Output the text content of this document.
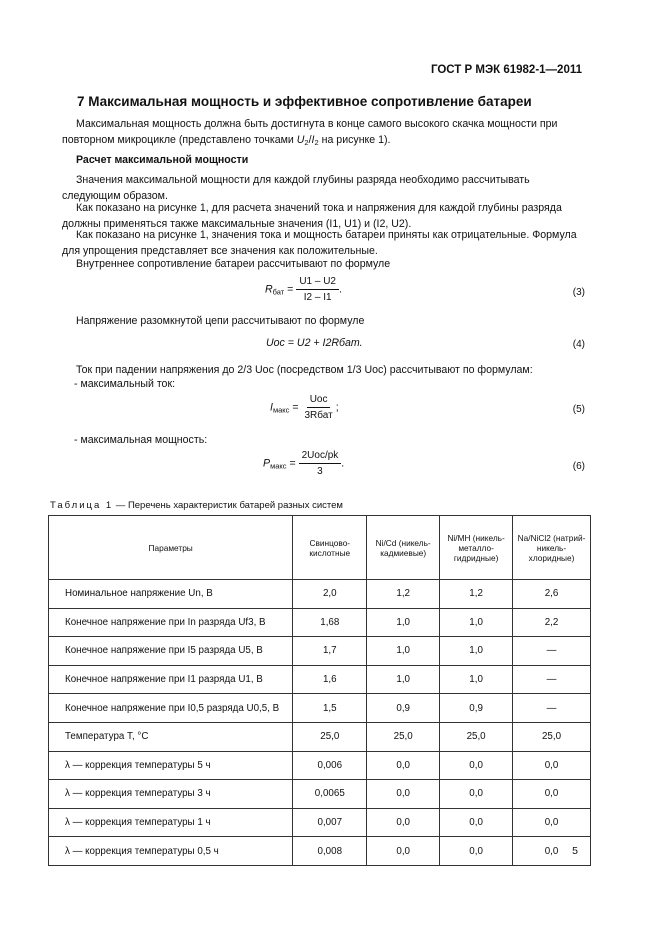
ГОСТ Р МЭК 61982-1—2011
7 Максимальная мощность и эффективное сопротивление батареи
Максимальная мощность должна быть достигнута в конце самого высокого скачка мощности при повторном микроцикле (представлено точками $U_2/I_2$ на рисунке 1).
Расчет максимальной мощности
Значения максимальной мощности для каждой глубины разряда необходимо рассчитывать следующим образом.
Как показано на рисунке 1, для расчета значений тока и напряжения для каждой глубины разряда должны применяться также максимальные значения (I1, U1) и (I2, U2).
Как показано на рисунке 1, значения тока и мощность батареи приняты как отрицательные. Формула для упрощения представляет все значения как положительные.
Внутреннее сопротивление батареи рассчитывают по формуле
$R_{бат} = \frac{U1 - U2}{I2 - I1}$ .	(3)
Напряжение разомкнутой цепи рассчитывают по формуле
Uoc = U2 + I2Rбат.	(4)
Ток при падении напряжения до 2/3 Uoc (посредством 1/3 Uoc) рассчитывают по формулам:
- максимальный ток:
$I_{макс} = \frac{\text{Uoc}}{\text{3Rбат}}$ ;	(5)
- максимальная мощность:
$P_{макс} = \frac{\text{2Uoc/pk}}{3}$ .	(6)
Таблица 1 — Перечень характеристик батарей разных систем
Параметры	Свинцово-кислотные	Ni/Cd (никель-кадмиевые)	Ni/MH (никель-металло-гидридные)	Na/NiCl2 (натрий-никель-хлоридные)
Номинальное напряжение Un, В	2,0	1,2	1,2	2,6
Конечное напряжение при In разряда Uf3, В	1,68	1,0	1,0	2,2
Конечное напряжение при I5 разряда U5, В	1,7	1,0	1,0	—
Конечное напряжение при I1 разряда U1, В	1,6	1,0	1,0	—
Конечное напряжение при I0,5 разряда U0,5, В	1,5	0,9	0,9	—
Температура T, °С	25,0	25,0	25,0	25,0
λ — коррекция температуры 5 ч	0,006	0,0	0,0	0,0
λ — коррекция температуры 3 ч	0,0065	0,0	0,0	0,0
λ — коррекция температуры 1 ч	0,007	0,0	0,0	0,0
λ — коррекция температуры 0,5 ч	0,008	0,0	0,0	0,0 5
